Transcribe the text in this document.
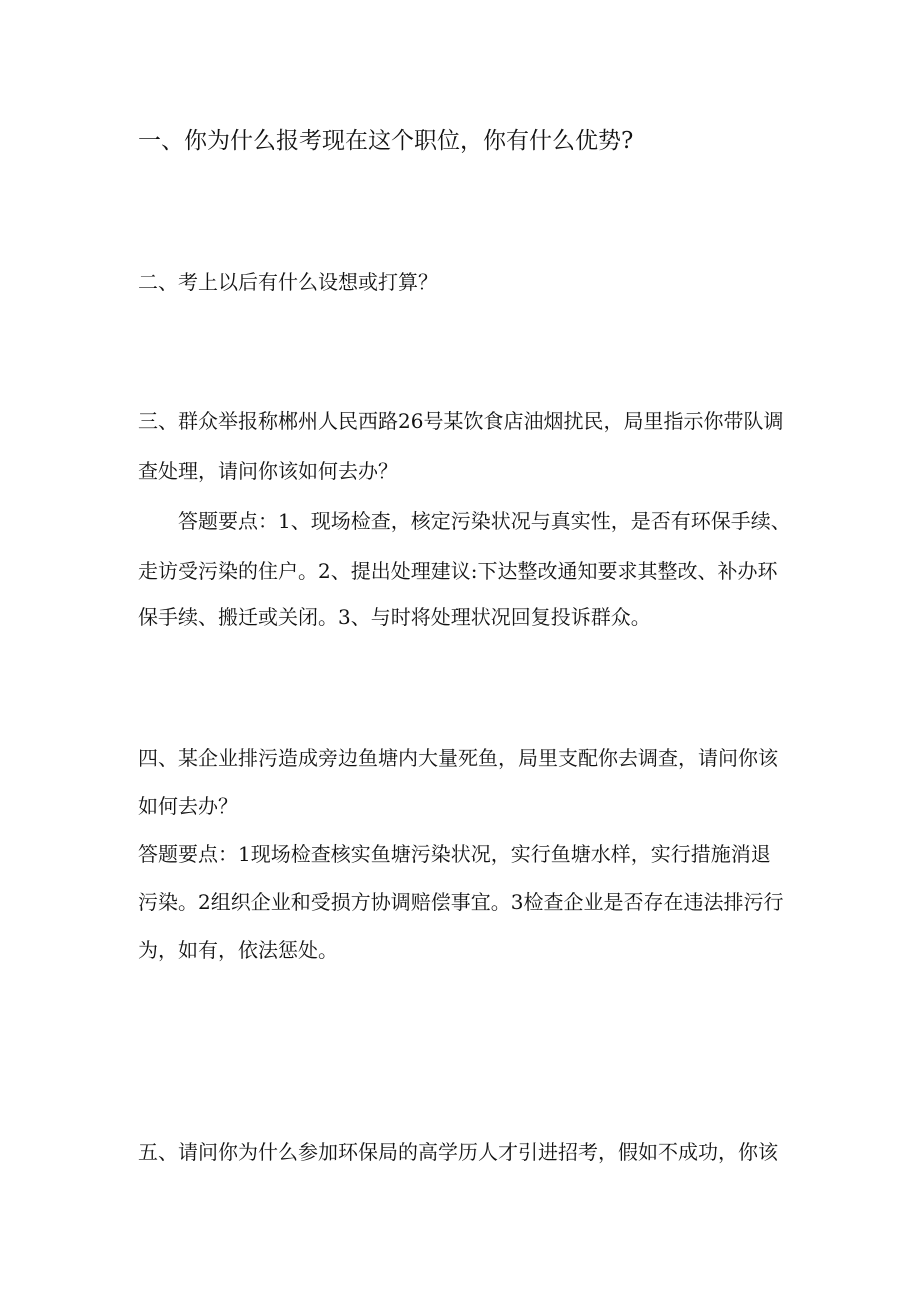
一、你为什么报考现在这个职位，你有什么优势?
二、考上以后有什么设想或打算？
三、群众举报称郴州人民西路26号某饮食店油烟扰民，局里指示你带队调
查处理，请问你该如何去办？
答题要点：1、现场检查，核定污染状况与真实性，是否有环保手续、
走访受污染的住户。2、提出处理建议:下达整改通知要求其整改、补办环
保手续、搬迁或关闭。3、与时将处理状况回复投诉群众。
四、某企业排污造成旁边鱼塘内大量死鱼，局里支配你去调查，请问你该
如何去办？
答题要点：1现场检查核实鱼塘污染状况，实行鱼塘水样，实行措施消退
污染。2组织企业和受损方协调赔偿事宜。3检查企业是否存在违法排污行
为，如有，依法惩处。
五、请问你为什么参加环保局的高学历人才引进招考，假如不成功，你该
